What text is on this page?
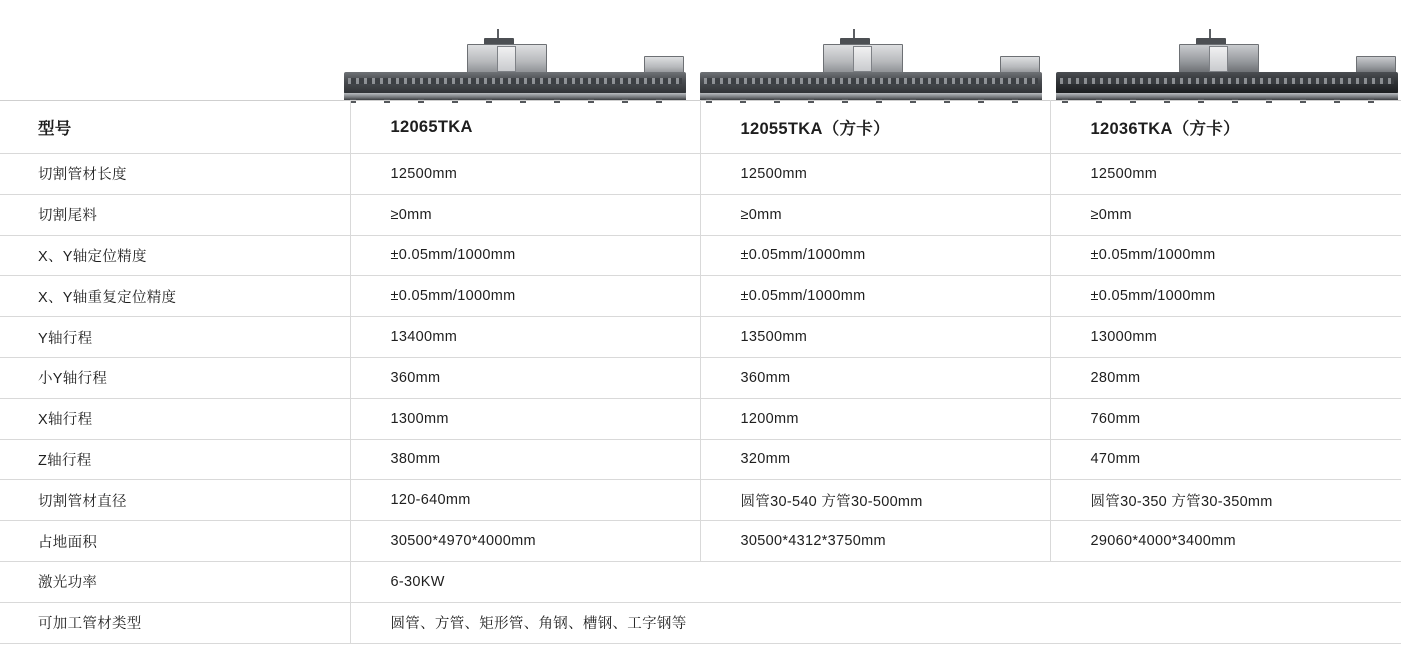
型号	12065TKA	12055TKA（方卡）	12036TKA（方卡）
切割管材长度	12500mm	12500mm	12500mm
切割尾料	≥0mm	≥0mm	≥0mm
X、Y轴定位精度	±0.05mm/1000mm	±0.05mm/1000mm	±0.05mm/1000mm
X、Y轴重复定位精度	±0.05mm/1000mm	±0.05mm/1000mm	±0.05mm/1000mm
Y轴行程	13400mm	13500mm	13000mm
小Y轴行程	360mm	360mm	280mm
X轴行程	1300mm	1200mm	760mm
Z轴行程	380mm	320mm	470mm
切割管材直径	120-640mm	圆管30-540 方管30-500mm	圆管30-350 方管30-350mm
占地面积	30500*4970*4000mm	30500*4312*3750mm	29060*4000*3400mm
激光功率	6-30KW		
可加工管材类型	圆管、方管、矩形管、角钢、槽钢、工字钢等		
